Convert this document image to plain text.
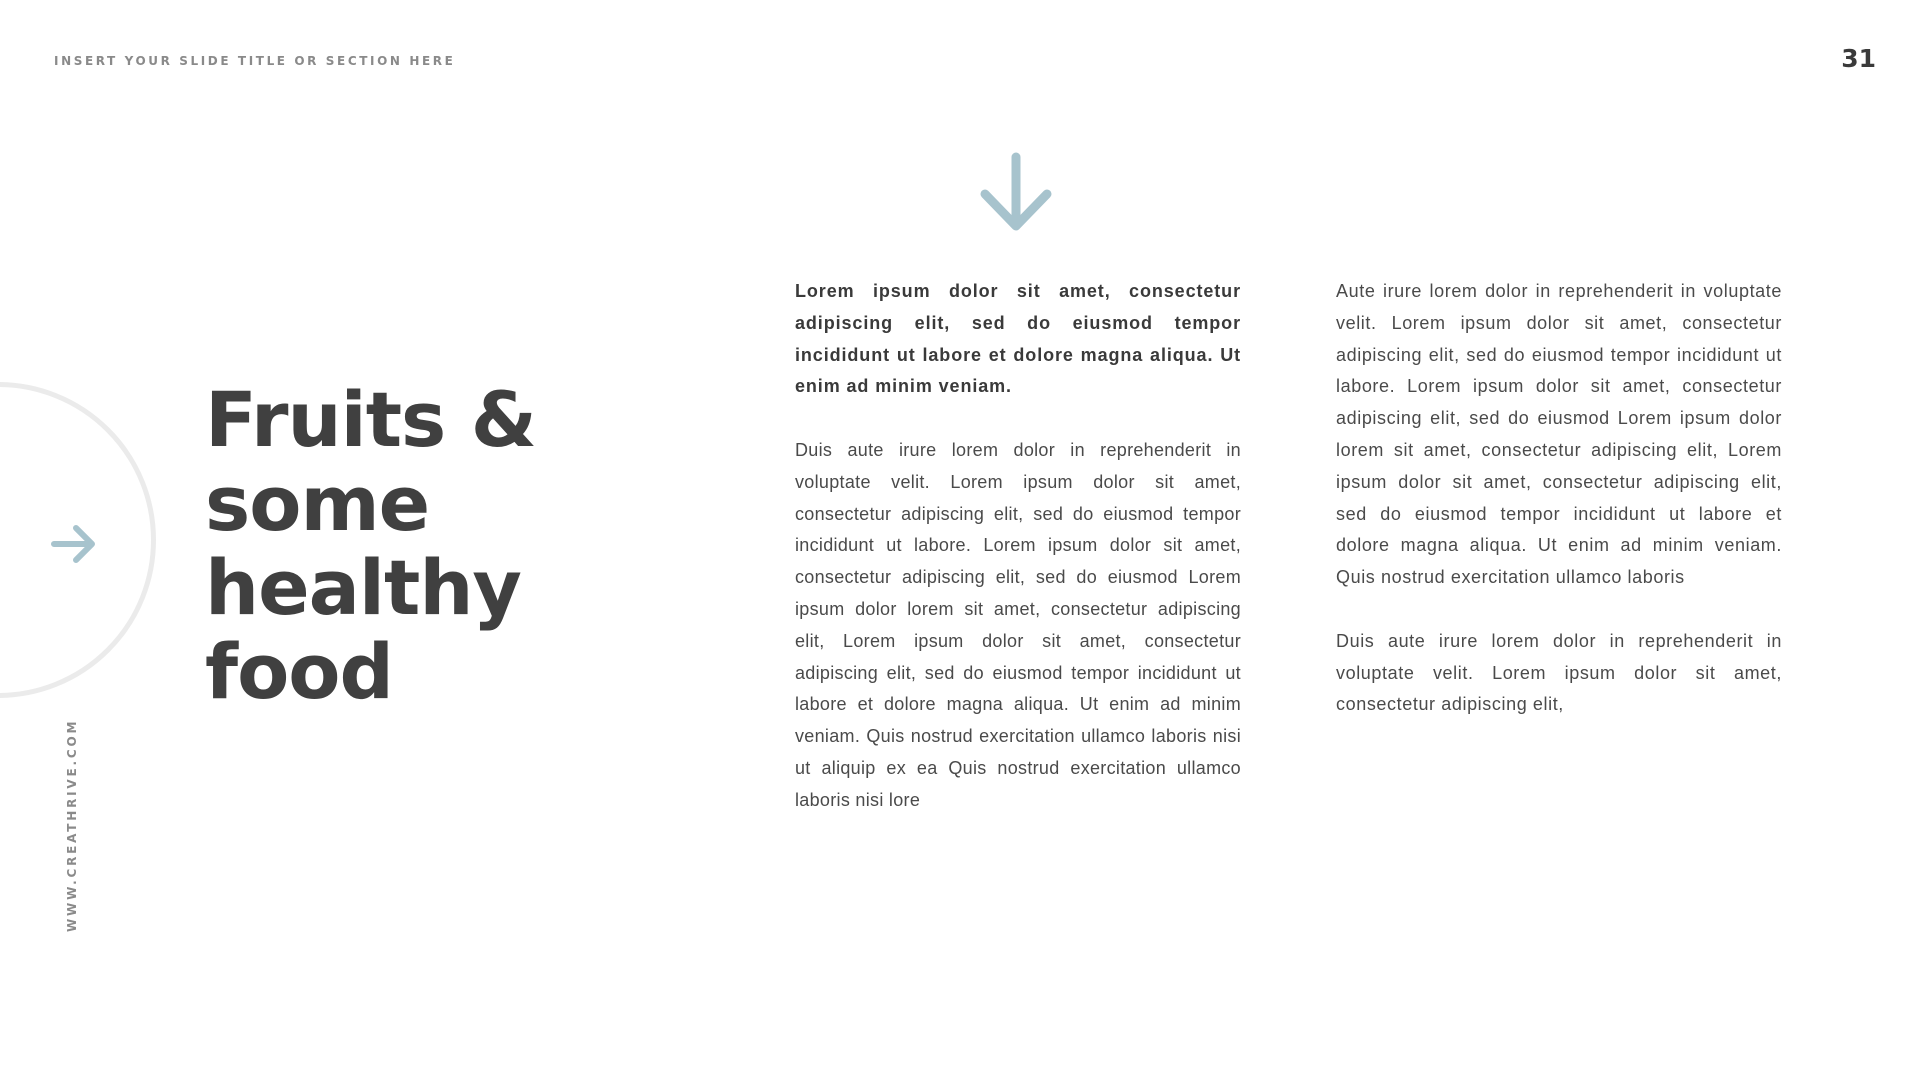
INSERT YOUR SLIDE TITLE OR SECTION HERE	31
WWW.CREATHRIVE.COM
Fruits & some healthy food

Lorem ipsum dolor sit amet, consectetur adipiscing elit, sed do eiusmod tempor incididunt ut labore et dolore magna aliqua. Ut enim ad minim veniam.

Duis aute irure lorem dolor in reprehenderit in voluptate velit. Lorem ipsum dolor sit amet, consectetur adipiscing elit, sed do eiusmod tempor incididunt ut labore. Lorem ipsum dolor sit amet, consectetur adipiscing elit, sed do eiusmod Lorem ipsum dolor lorem sit amet, consectetur adipiscing elit, Lorem ipsum dolor sit amet, consectetur adipiscing elit, sed do eiusmod tempor incididunt ut labore et dolore magna aliqua. Ut enim ad minim veniam. Quis nostrud exercitation ullamco laboris nisi ut aliquip ex ea Quis nostrud exercitation ullamco laboris nisi lore

Aute irure lorem dolor in reprehenderit in voluptate velit. Lorem ipsum dolor sit amet, consectetur adipiscing elit, sed do eiusmod tempor incididunt ut labore. Lorem ipsum dolor sit amet, consectetur adipiscing elit, sed do eiusmod Lorem ipsum dolor lorem sit amet, consectetur adipiscing elit, Lorem ipsum dolor sit amet, consectetur adipiscing elit, sed do eiusmod tempor incididunt ut labore et dolore magna aliqua. Ut enim ad minim veniam. Quis nostrud exercitation ullamco laboris

Duis aute irure lorem dolor in reprehenderit in voluptate velit. Lorem ipsum dolor sit amet, consectetur adipiscing elit,
